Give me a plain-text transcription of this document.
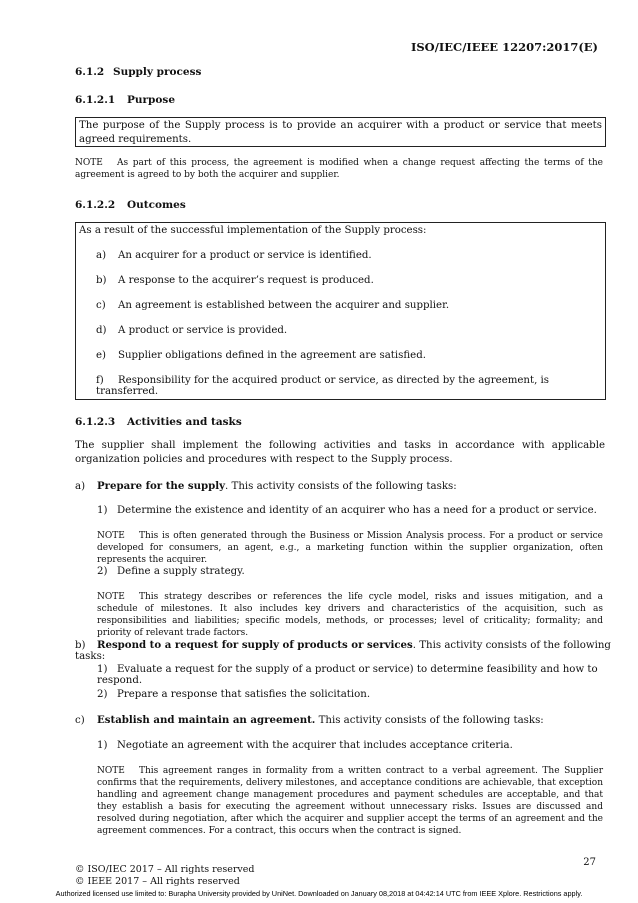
ISO/IEC/IEEE 12207:2017(E)
6.1.2 Supply process
6.1.2.1 Purpose
The purpose of the Supply process is to provide an acquirer with a product or service that meets agreed requirements.
NOTE As part of this process, the agreement is modified when a change request affecting the terms of the agreement is agreed to by both the acquirer and supplier.
6.1.2.2 Outcomes
As a result of the successful implementation of the Supply process:
a) An acquirer for a product or service is identified.
b) A response to the acquirer’s request is produced.
c) An agreement is established between the acquirer and supplier.
d) A product or service is provided.
e) Supplier obligations defined in the agreement are satisfied.
f) Responsibility for the acquired product or service, as directed by the agreement, is transferred.
6.1.2.3 Activities and tasks
The supplier shall implement the following activities and tasks in accordance with applicable organization policies and procedures with respect to the Supply process.
a) Prepare for the supply. This activity consists of the following tasks:
1) Determine the existence and identity of an acquirer who has a need for a product or service.
NOTE This is often generated through the Business or Mission Analysis process. For a product or service developed for consumers, an agent, e.g., a marketing function within the supplier organization, often represents the acquirer.
2) Define a supply strategy.
NOTE This strategy describes or references the life cycle model, risks and issues mitigation, and a schedule of milestones. It also includes key drivers and characteristics of the acquisition, such as responsibilities and liabilities; specific models, methods, or processes; level of criticality; formality; and priority of relevant trade factors.
b) Respond to a request for supply of products or services. This activity consists of the following tasks:
1) Evaluate a request for the supply of a product or service) to determine feasibility and how to respond.
2) Prepare a response that satisfies the solicitation.
c) Establish and maintain an agreement. This activity consists of the following tasks:
1) Negotiate an agreement with the acquirer that includes acceptance criteria.
NOTE This agreement ranges in formality from a written contract to a verbal agreement. The Supplier confirms that the requirements, delivery milestones, and acceptance conditions are achievable, that exception handling and agreement change management procedures and payment schedules are acceptable, and that they establish a basis for executing the agreement without unnecessary risks. Issues are discussed and resolved during negotiation, after which the acquirer and supplier accept the terms of an agreement and the agreement commences. For a contract, this occurs when the contract is signed.
27
© ISO/IEC 2017 – All rights reserved
© IEEE 2017 – All rights reserved
Authorized licensed use limited to: Burapha University provided by UniNet. Downloaded on January 08,2018 at 04:42:14 UTC from IEEE Xplore. Restrictions apply.
